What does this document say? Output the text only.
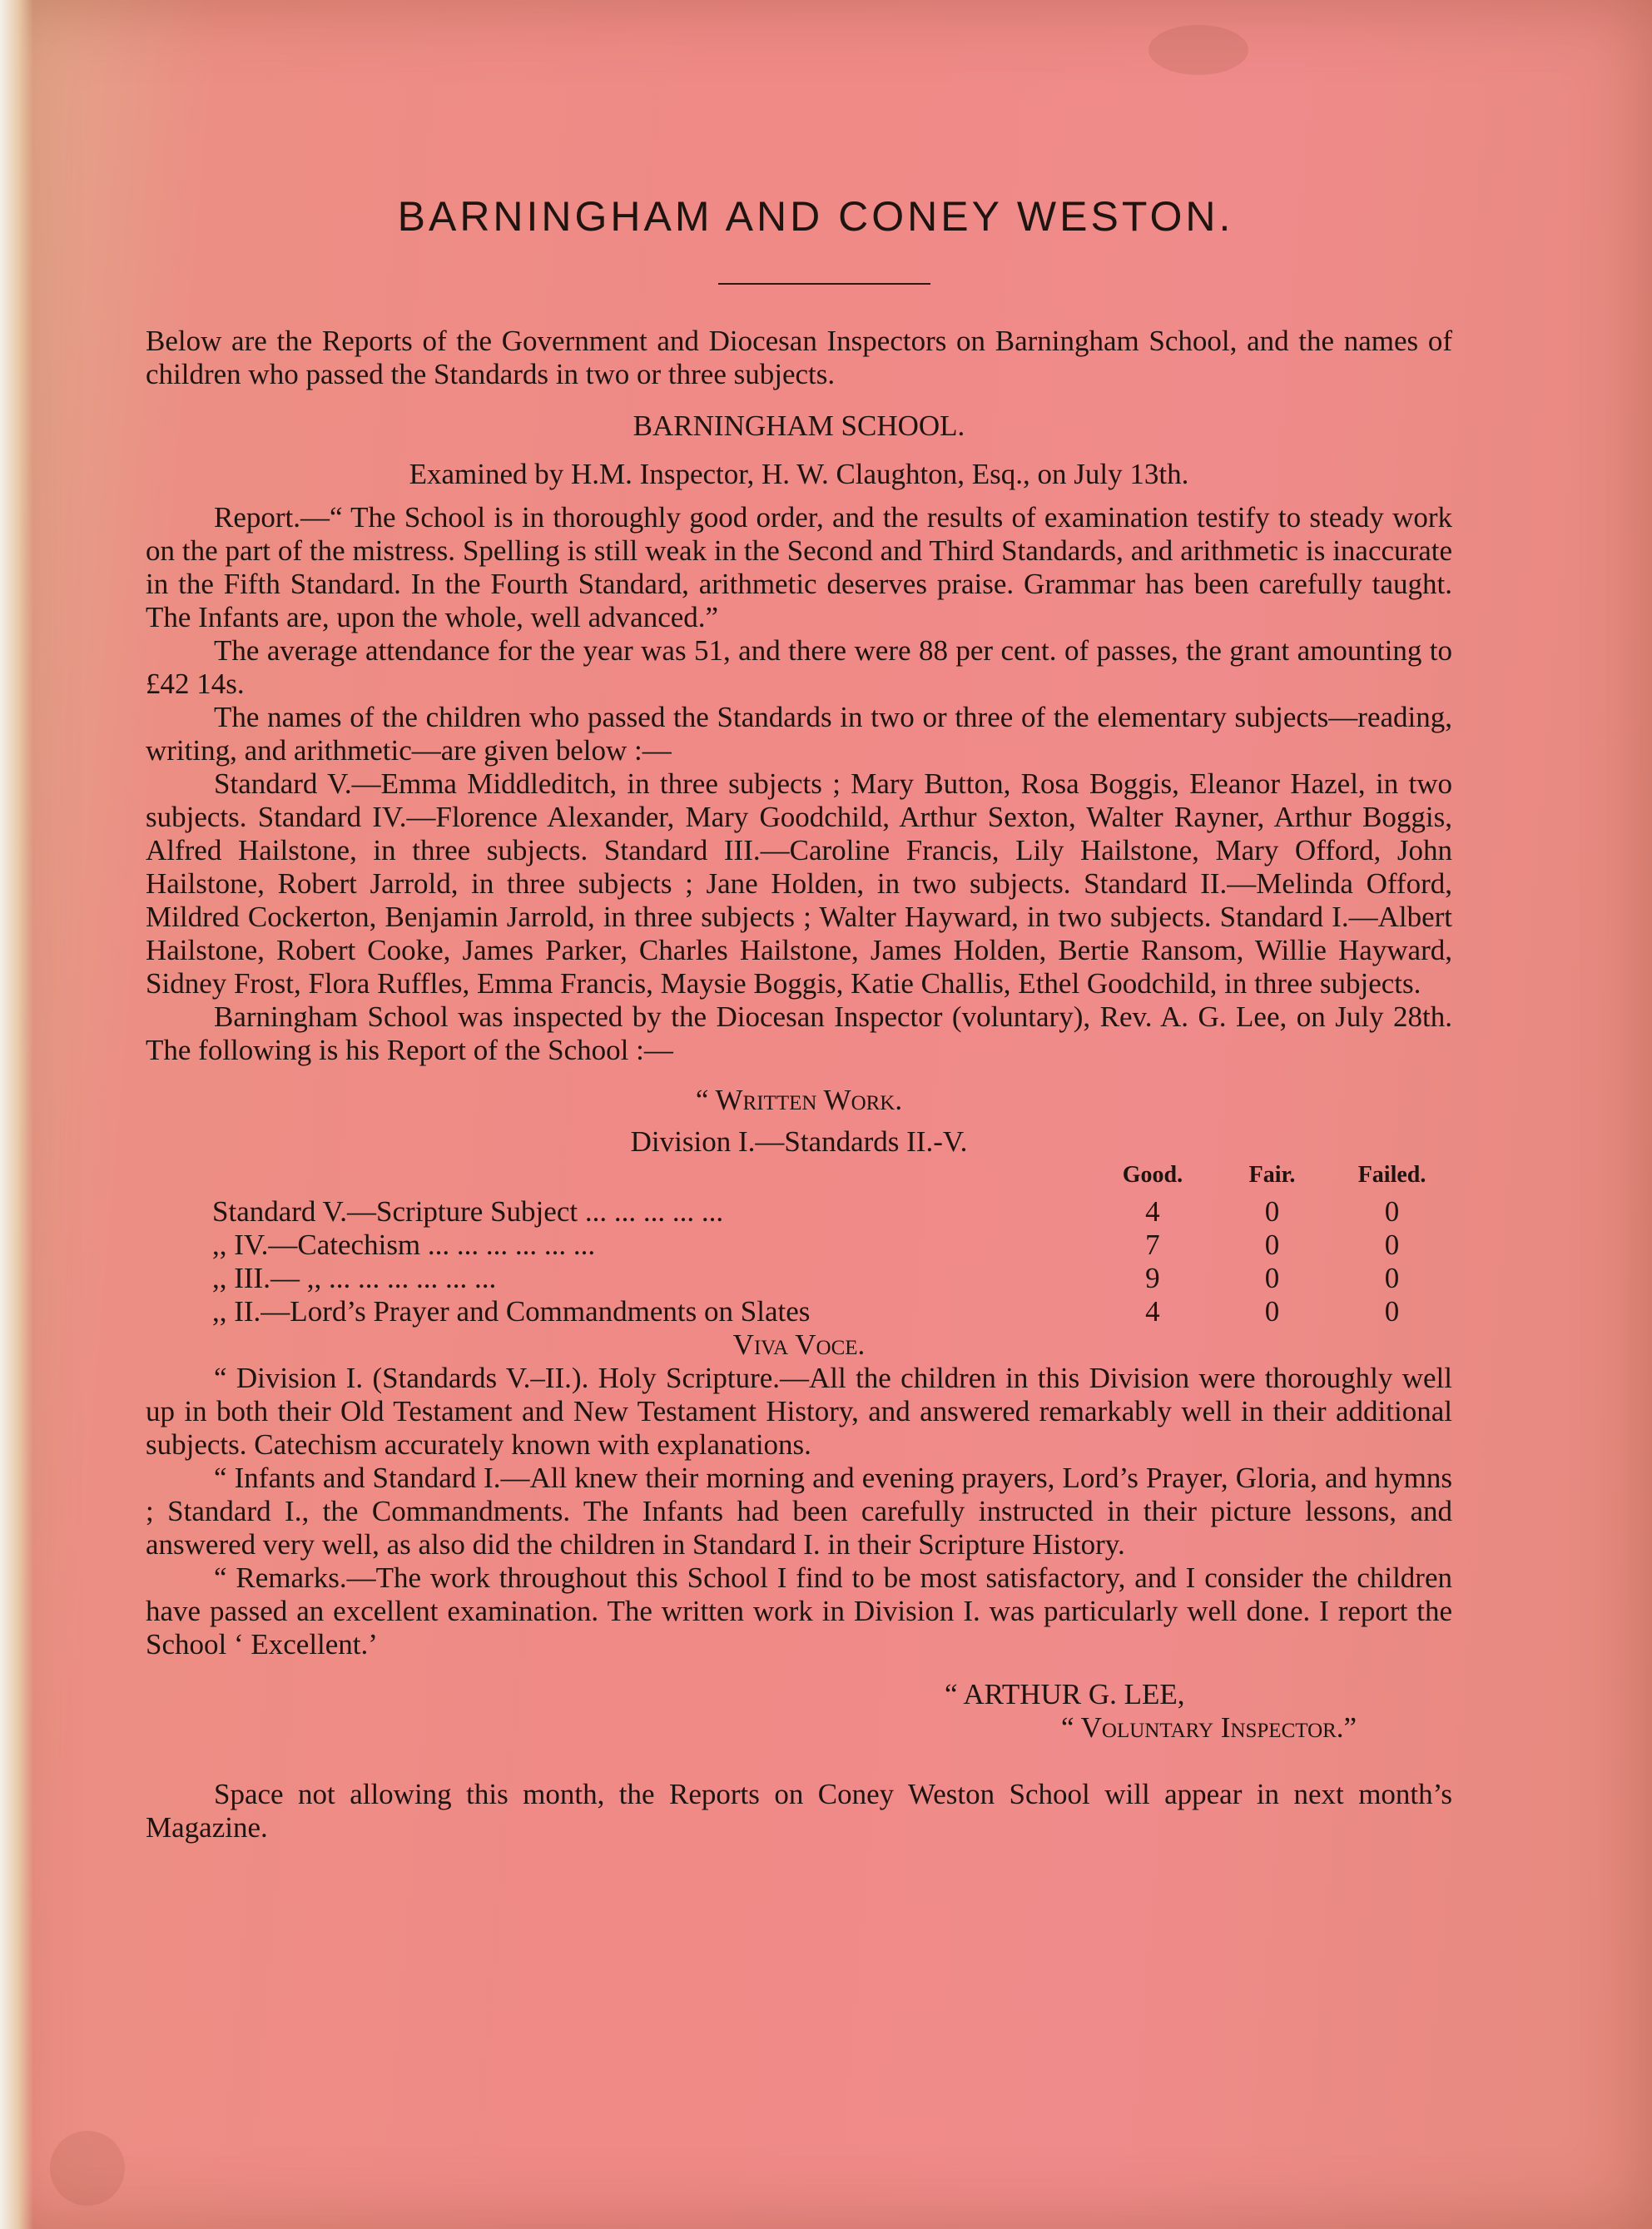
BARNINGHAM AND CONEY WESTON.

Below are the Reports of the Government and Diocesan Inspectors on Barningham School, and the names of children who passed the Standards in two or three subjects.

BARNINGHAM SCHOOL.

Examined by H.M. Inspector, H. W. Claughton, Esq., on July 13th.

Report.—“ The School is in thoroughly good order, and the results of examination testify to steady work on the part of the mistress. Spelling is still weak in the Second and Third Standards, and arithmetic is inaccurate in the Fifth Standard. In the Fourth Standard, arithmetic deserves praise. Grammar has been carefully taught. The Infants are, upon the whole, well advanced.”

The average attendance for the year was 51, and there were 88 per cent. of passes, the grant amounting to £42 14s.

The names of the children who passed the Standards in two or three of the elementary subjects—reading, writing, and arithmetic—are given below :—

Standard V.—Emma Middleditch, in three subjects ; Mary Button, Rosa Boggis, Eleanor Hazel, in two subjects. Standard IV.—Florence Alexander, Mary Goodchild, Arthur Sexton, Walter Rayner, Arthur Boggis, Alfred Hailstone, in three subjects. Standard III.—Caroline Francis, Lily Hailstone, Mary Offord, John Hailstone, Robert Jarrold, in three subjects ; Jane Holden, in two subjects. Standard II.—Melinda Offord, Mildred Cockerton, Benjamin Jarrold, in three subjects ; Walter Hayward, in two subjects. Standard I.—Albert Hailstone, Robert Cooke, James Parker, Charles Hailstone, James Holden, Bertie Ransom, Willie Hayward, Sidney Frost, Flora Ruffles, Emma Francis, Maysie Boggis, Katie Challis, Ethel Goodchild, in three subjects.

Barningham School was inspected by the Diocesan Inspector (voluntary), Rev. A. G. Lee, on July 28th. The following is his Report of the School :—

“ Written Work.

Division I.—Standards II.-V.

	Good.	Fair.	Failed.
Standard V.—Scripture Subject ... ... ... ... ...	4	0	0
,, IV.—Catechism ... ... ... ... ... ...	7	0	0
,, III.— ,, ... ... ... ... ... ...	9	0	0
,, II.—Lord’s Prayer and Commandments on Slates	4	0	0

Viva Voce.

“ Division I. (Standards V.–II.). Holy Scripture.—All the children in this Division were thoroughly well up in both their Old Testament and New Testament History, and answered remarkably well in their additional subjects. Catechism accurately known with explanations.

“ Infants and Standard I.—All knew their morning and evening prayers, Lord’s Prayer, Gloria, and hymns ; Standard I., the Commandments. The Infants had been carefully instructed in their picture lessons, and answered very well, as also did the children in Standard I. in their Scripture History.

“ Remarks.—The work throughout this School I find to be most satisfactory, and I consider the children have passed an excellent examination. The written work in Division I. was particularly well done. I report the School ‘ Excellent.’

“ ARTHUR G. LEE,

“ Voluntary Inspector.”

Space not allowing this month, the Reports on Coney Weston School will appear in next month’s Magazine.
